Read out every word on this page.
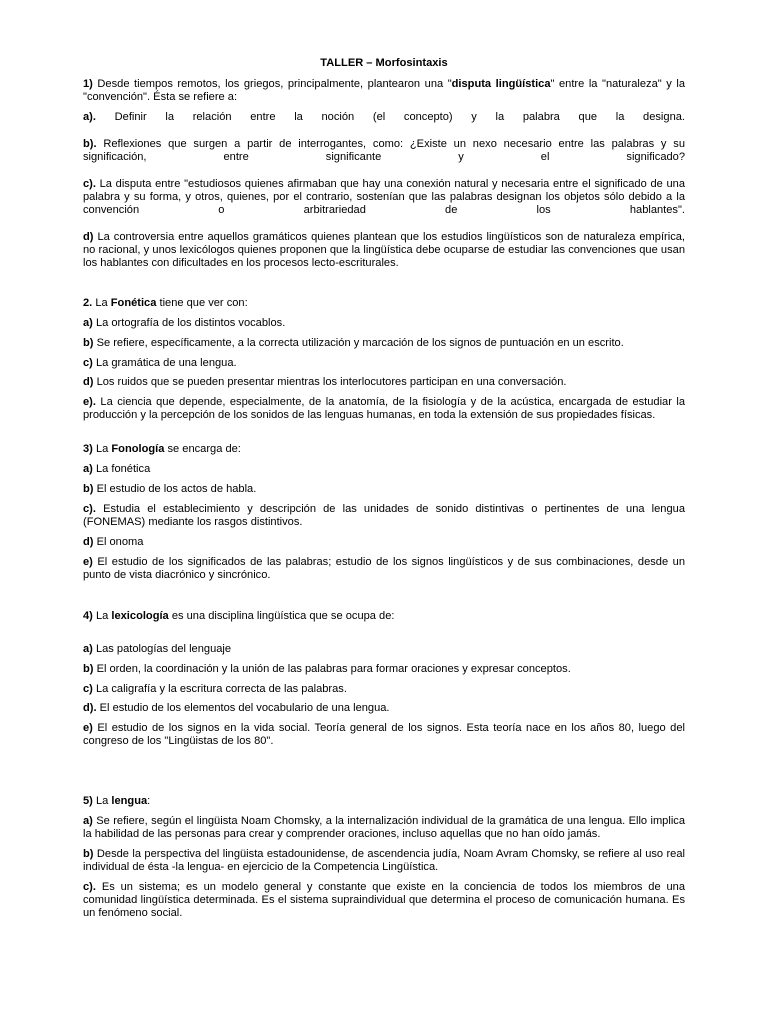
TALLER – Morfosintaxis

1) Desde tiempos remotos, los griegos, principalmente, plantearon una "disputa lingüística" entre la "naturaleza" y la "convención". Ésta se refiere a:

a). Definir la relación entre la noción (el concepto) y la palabra que la designa.

b). Reflexiones que surgen a partir de interrogantes, como: ¿Existe un nexo necesario entre las palabras y su significación, entre significante y el significado?

c). La disputa entre "estudiosos quienes afirmaban que hay una conexión natural y necesaria entre el significado de una palabra y su forma, y otros, quienes, por el contrario, sostenían que las palabras designan los objetos sólo debido a la convención o arbitrariedad de los hablantes".

d) La controversia entre aquellos gramáticos quienes plantean que los estudios lingüísticos son de naturaleza empírica, no racional, y unos lexicólogos quienes proponen que la lingüística debe ocuparse de estudiar las convenciones que usan los hablantes con dificultades en los procesos lecto-escriturales.

2. La Fonética tiene que ver con:

a) La ortografía de los distintos vocablos.

b) Se refiere, específicamente, a la correcta utilización y marcación de los signos de puntuación en un escrito.

c) La gramática de una lengua.

d) Los ruidos que se pueden presentar mientras los interlocutores participan en una conversación.

e). La ciencia que depende, especialmente, de la anatomía, de la fisiología y de la acústica, encargada de estudiar la producción y la percepción de los sonidos de las lenguas humanas, en toda la extensión de sus propiedades físicas.

3) La Fonología se encarga de:

a) La fonética

b) El estudio de los actos de habla.

c). Estudia el establecimiento y descripción de las unidades de sonido distintivas o pertinentes de una lengua (FONEMAS) mediante los rasgos distintivos.

d) El onoma

e) El estudio de los significados de las palabras; estudio de los signos lingüísticos y de sus combinaciones, desde un punto de vista diacrónico y sincrónico.

4) La lexicología es una disciplina lingüística que se ocupa de:

a) Las patologías del lenguaje

b) El orden, la coordinación y la unión de las palabras para formar oraciones y expresar conceptos.

c) La caligrafía y la escritura correcta de las palabras.

d). El estudio de los elementos del vocabulario de una lengua.

e) El estudio de los signos en la vida social. Teoría general de los signos. Esta teoría nace en los años 80, luego del congreso de los "Lingüistas de los 80".

5) La lengua:

a) Se refiere, según el lingüista Noam Chomsky, a la internalización individual de la gramática de una lengua. Ello implica la habilidad de las personas para crear y comprender oraciones, incluso aquellas que no han oído jamás.

b) Desde la perspectiva del lingüista estadounidense, de ascendencia judía, Noam Avram Chomsky, se refiere al uso real individual de ésta -la lengua- en ejercicio de la Competencia Lingüística.

c). Es un sistema; es un modelo general y constante que existe en la conciencia de todos los miembros de una comunidad lingüística determinada. Es el sistema supraindividual que determina el proceso de comunicación humana. Es un fenómeno social.
